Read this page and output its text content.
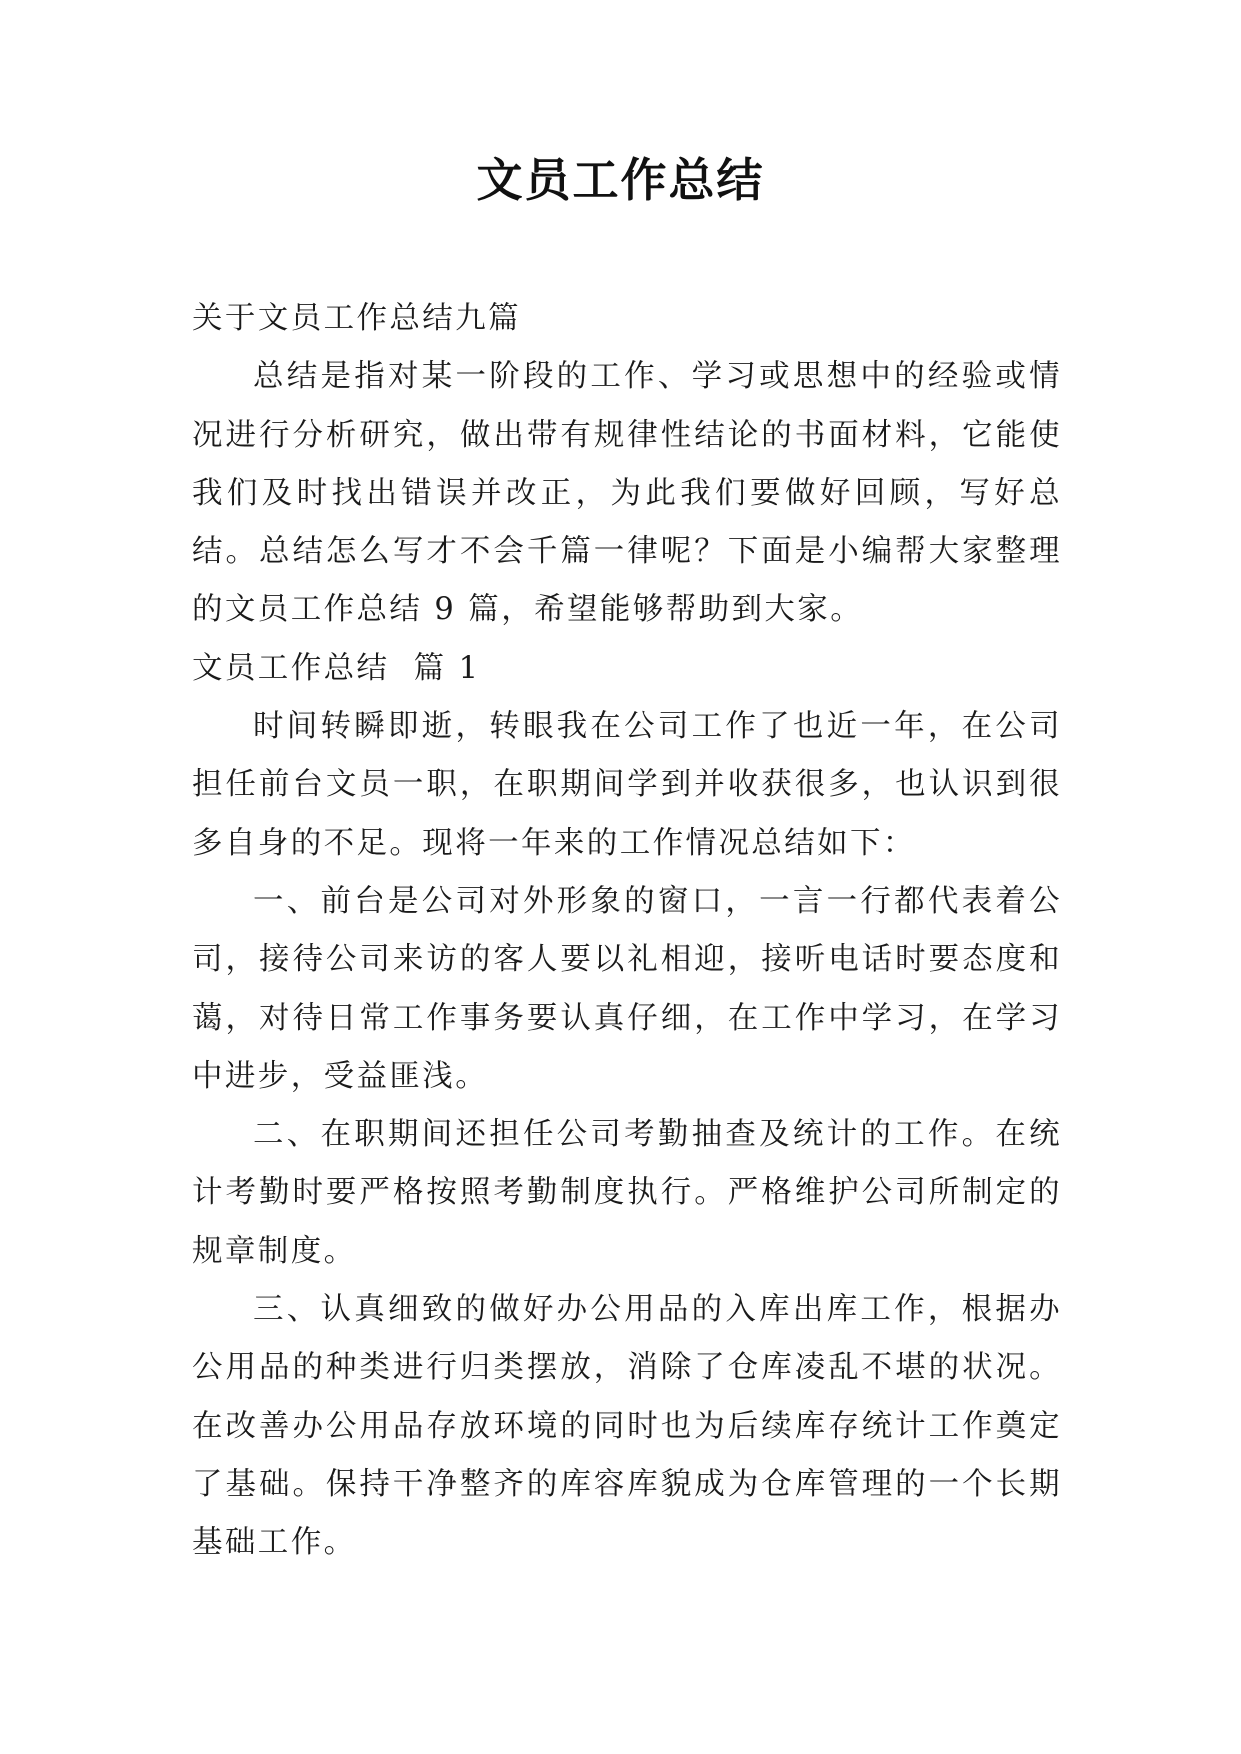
文员工作总结

关于文员工作总结九篇

总结是指对某一阶段的工作、学习或思想中的经验或情况进行分析研究，做出带有规律性结论的书面材料，它能使我们及时找出错误并改正，为此我们要做好回顾，写好总结。总结怎么写才不会千篇一律呢？下面是小编帮大家整理的文员工作总结 9 篇，希望能够帮助到大家。

文员工作总结  篇 1

时间转瞬即逝，转眼我在公司工作了也近一年，在公司担任前台文员一职，在职期间学到并收获很多，也认识到很多自身的不足。现将一年来的工作情况总结如下：

一、前台是公司对外形象的窗口，一言一行都代表着公司，接待公司来访的客人要以礼相迎，接听电话时要态度和蔼，对待日常工作事务要认真仔细，在工作中学习，在学习中进步，受益匪浅。

二、在职期间还担任公司考勤抽查及统计的工作。在统计考勤时要严格按照考勤制度执行。严格维护公司所制定的规章制度。

三、认真细致的做好办公用品的入库出库工作，根据办公用品的种类进行归类摆放，消除了仓库凌乱不堪的状况。在改善办公用品存放环境的同时也为后续库存统计工作奠定了基础。保持干净整齐的库容库貌成为仓库管理的一个长期基础工作。
